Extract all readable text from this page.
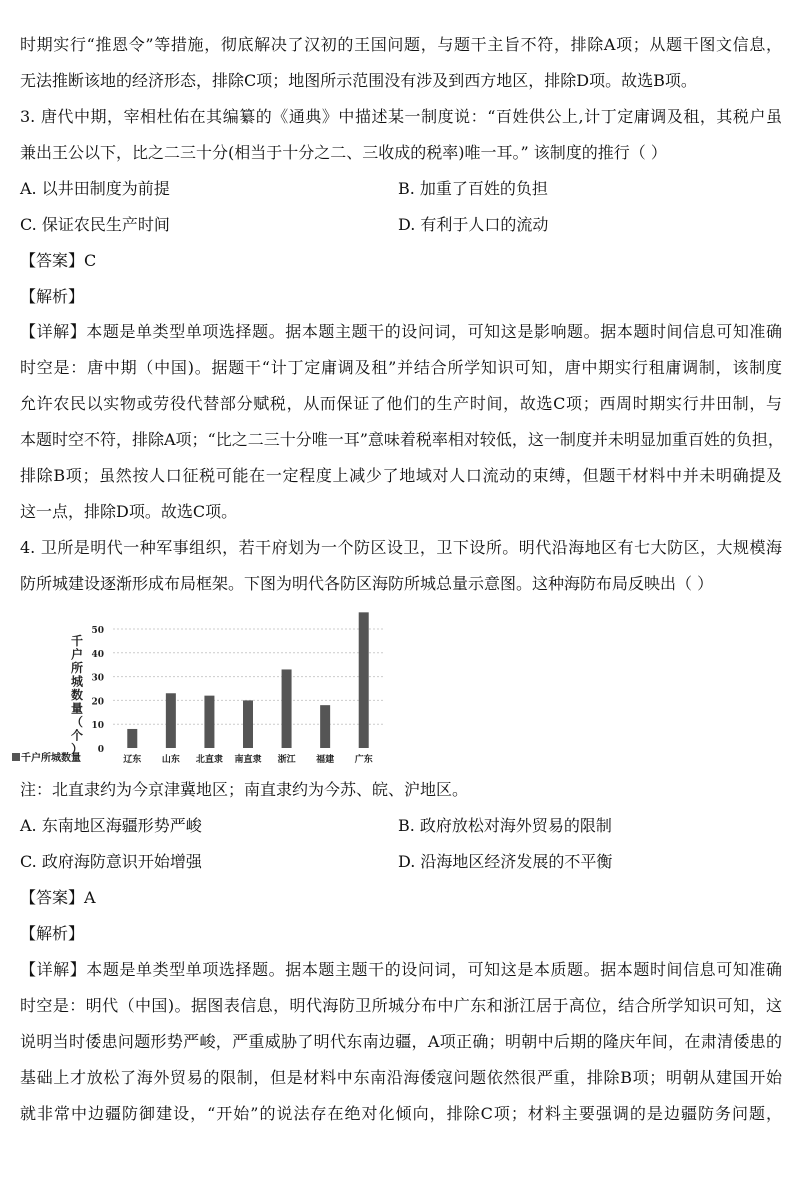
时期实行“推恩令”等措施，彻底解决了汉初的王国问题，与题干主旨不符，排除A项；从题干图文信息，
无法推断该地的经济形态，排除C项；地图所示范围没有涉及到西方地区，排除D项。故选B项。
3. 唐代中期，宰相杜佑在其编纂的《通典》中描述某一制度说：“百姓供公上,计丁定庸调及租，其税户虽
兼出王公以下，比之二三十分(相当于十分之二、三收成的税率)唯一耳。” 该制度的推行（ ）
A. 以井田制度为前提	B. 加重了百姓的负担
C. 保证农民生产时间	D. 有利于人口的流动
【答案】C
【解析】
【详解】本题是单类型单项选择题。据本题主题干的设问词，可知这是影响题。据本题时间信息可知准确
时空是：唐中期（中国)。据题干“计丁定庸调及租”并结合所学知识可知，唐中期实行租庸调制，该制度
允许农民以实物或劳役代替部分赋税，从而保证了他们的生产时间，故选C项；西周时期实行井田制，与
本题时空不符，排除A项；“比之二三十分唯一耳”意味着税率相对较低，这一制度并未明显加重百姓的负担，
排除B项；虽然按人口征税可能在一定程度上减少了地域对人口流动的束缚，但题干材料中并未明确提及
这一点，排除D项。故选C项。
4. 卫所是明代一种军事组织，若干府划为一个防区设卫，卫下设所。明代沿海地区有七大防区，大规模海
防所城建设逐渐形成布局框架。下图为明代各防区海防所城总量示意图。这种海防布局反映出（ ）
0
10
20
30
40
50
辽东 山东 北直隶 南直隶 浙江 福建 广东
千户所城数量（个）
千户所城数量
注：北直隶约为今京津冀地区；南直隶约为今苏、皖、沪地区。
A. 东南地区海疆形势严峻	B. 政府放松对海外贸易的限制
C. 政府海防意识开始增强	D. 沿海地区经济发展的不平衡
【答案】A
【解析】
【详解】本题是单类型单项选择题。据本题主题干的设问词，可知这是本质题。据本题时间信息可知准确
时空是：明代（中国)。据图表信息，明代海防卫所城分布中广东和浙江居于高位，结合所学知识可知，这
说明当时倭患问题形势严峻，严重威胁了明代东南边疆，A项正确；明朝中后期的隆庆年间，在肃清倭患的
基础上才放松了海外贸易的限制，但是材料中东南沿海倭寇问题依然很严重，排除B项；明朝从建国开始
就非常中边疆防御建设，“开始”的说法存在绝对化倾向，排除C项；材料主要强调的是边疆防务问题，
